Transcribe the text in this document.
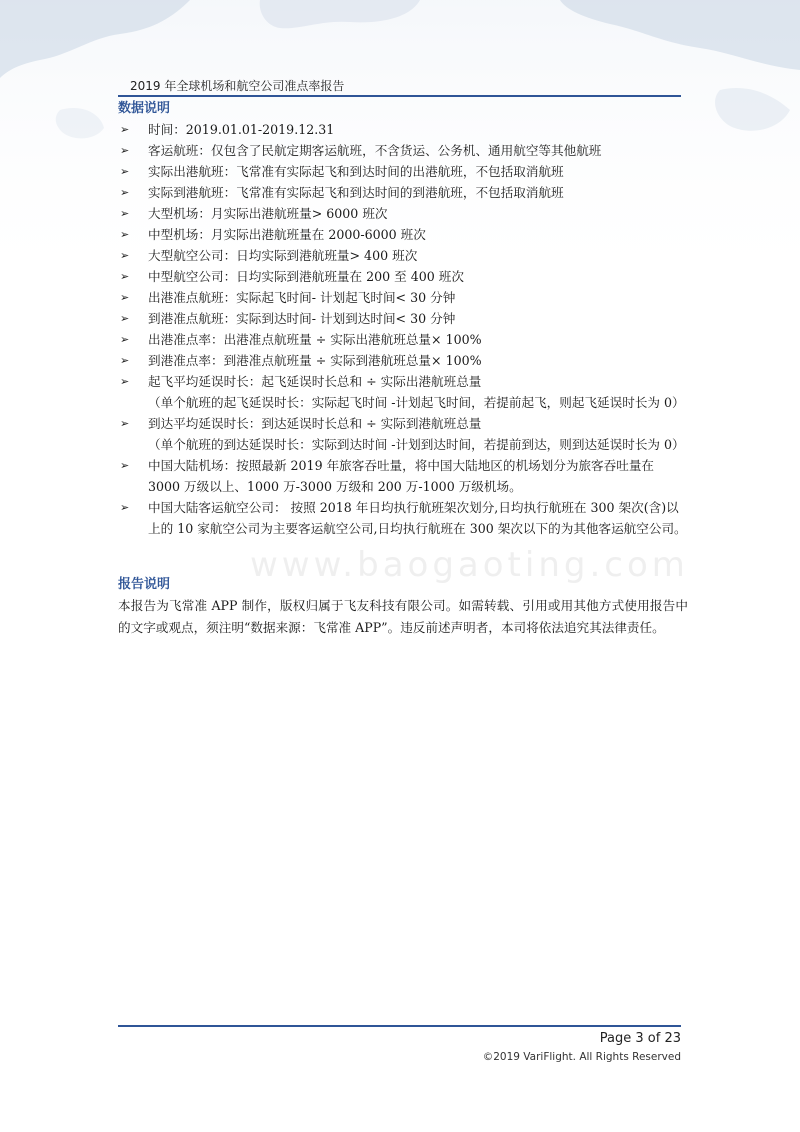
www.baogaoting.com
2019 年全球机场和航空公司准点率报告
数据说明
➢ 时间：2019.01.01-2019.12.31
➢ 客运航班：仅包含了民航定期客运航班，不含货运、公务机、通用航空等其他航班
➢ 实际出港航班：飞常准有实际起飞和到达时间的出港航班，不包括取消航班
➢ 实际到港航班：飞常准有实际起飞和到达时间的到港航班，不包括取消航班
➢ 大型机场：月实际出港航班量> 6000 班次
➢ 中型机场：月实际出港航班量在 2000-6000 班次
➢ 大型航空公司：日均实际到港航班量> 400 班次
➢ 中型航空公司：日均实际到港航班量在 200 至 400 班次
➢ 出港准点航班：实际起飞时间- 计划起飞时间< 30 分钟
➢ 到港准点航班：实际到达时间- 计划到达时间< 30 分钟
➢ 出港准点率：出港准点航班量 ÷ 实际出港航班总量× 100%
➢ 到港准点率：到港准点航班量 ÷ 实际到港航班总量× 100%
➢ 起飞平均延误时长：起飞延误时长总和 ÷ 实际出港航班总量
（单个航班的起飞延误时长：实际起飞时间 -计划起飞时间，若提前起飞，则起飞延误时长为 0）
➢ 到达平均延误时长：到达延误时长总和 ÷ 实际到港航班总量
（单个航班的到达延误时长：实际到达时间 -计划到达时间，若提前到达，则到达延误时长为 0）
➢ 中国大陆机场：按照最新 2019 年旅客吞吐量，将中国大陆地区的机场划分为旅客吞吐量在 3000 万级以上、1000 万-3000 万级和 200 万-1000 万级机场。
➢ 中国大陆客运航空公司： 按照 2018 年日均执行航班架次划分,日均执行航班在 300 架次(含)以上的 10 家航空公司为主要客运航空公司,日均执行航班在 300 架次以下的为其他客运航空公司。
报告说明

本报告为飞常准 APP 制作，版权归属于飞友科技有限公司。如需转载、引用或用其他方式使用报告中的文字或观点，须注明“数据来源：飞常准 APP”。违反前述声明者，本司将依法追究其法律责任。

Page 3 of 23
©2019 VariFlight. All Rights Reserved
